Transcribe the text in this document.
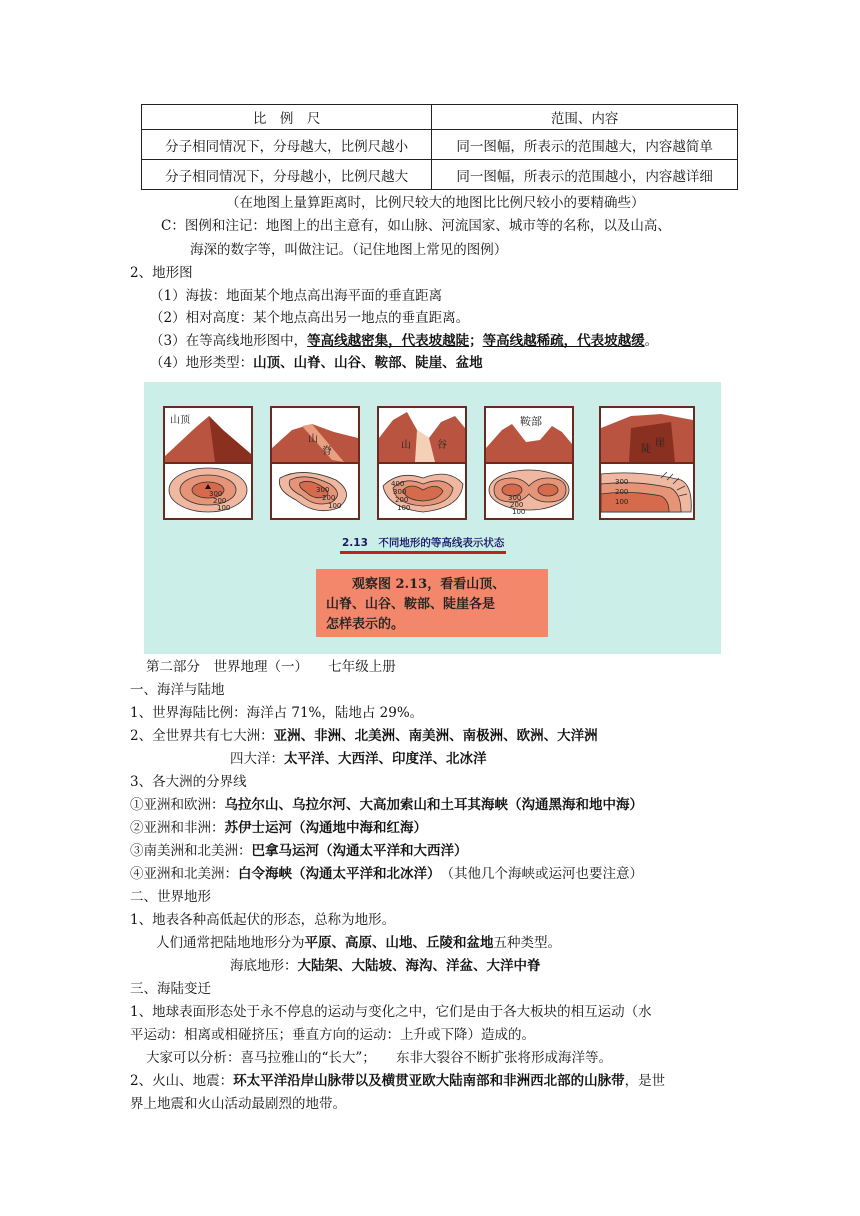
比　例　尺	范围、内容
分子相同情况下，分母越大，比例尺越小	同一图幅，所表示的范围越大，内容越简单
分子相同情况下，分母越小，比例尺越大	同一图幅，所表示的范围越小，内容越详细
（在地图上量算距离时，比例尺较大的地图比比例尺较小的要精确些）
C：图例和注记：地图上的出主意有，如山脉、河流国家、城市等的名称，以及山高、
海深的数字等，叫做注记。（记住地图上常见的图例）
2、地形图
（1）海拔：地面某个地点高出海平面的垂直距离
（2）相对高度：某个地点高出另一地点的垂直距离。
（3）在等高线地形图中，等高线越密集，代表坡越陡；等高线越稀疏，代表坡越缓。
（4）地形类型：山顶、山脊、山谷、鞍部、陡崖、盆地
山顶
300
200
100
山
脊
300
200
100
山	谷
400
300
200
100
鞍部
300
200
100
陡
崖
300
200
100
2.13　不同地形的等高线表示状态
观察图 2.13，看看山顶、
山脊、山谷、鞍部、陡崖各是
怎样表示的。
第二部分　世界地理（一）　　七年级上册
一、海洋与陆地
1、世界海陆比例：海洋占 71%，陆地占 29%。
2、全世界共有七大洲：亚洲、非洲、北美洲、南美洲、南极洲、欧洲、大洋洲
四大洋：太平洋、大西洋、印度洋、北冰洋
3、各大洲的分界线
①亚洲和欧洲：乌拉尔山、乌拉尔河、大高加索山和土耳其海峡（沟通黑海和地中海）
②亚洲和非洲：苏伊士运河（沟通地中海和红海）
③南美洲和北美洲：巴拿马运河（沟通太平洋和大西洋）
④亚洲和北美洲：白令海峡（沟通太平洋和北冰洋）　（其他几个海峡或运河也要注意）
二、世界地形
1、地表各种高低起伏的形态，总称为地形。
人们通常把陆地地形分为平原、高原、山地、丘陵和盆地五种类型。
海底地形：大陆架、大陆坡、海沟、洋盆、大洋中脊
三、海陆变迁
1、地球表面形态处于永不停息的运动与变化之中，它们是由于各大板块的相互运动（水
平运动：相离或相碰挤压；垂直方向的运动：上升或下降）造成的。
大家可以分析：喜马拉雅山的“长大”；　　东非大裂谷不断扩张将形成海洋等。
2、火山、地震：环太平洋沿岸山脉带以及横贯亚欧大陆南部和非洲西北部的山脉带，是世
界上地震和火山活动最剧烈的地带。
